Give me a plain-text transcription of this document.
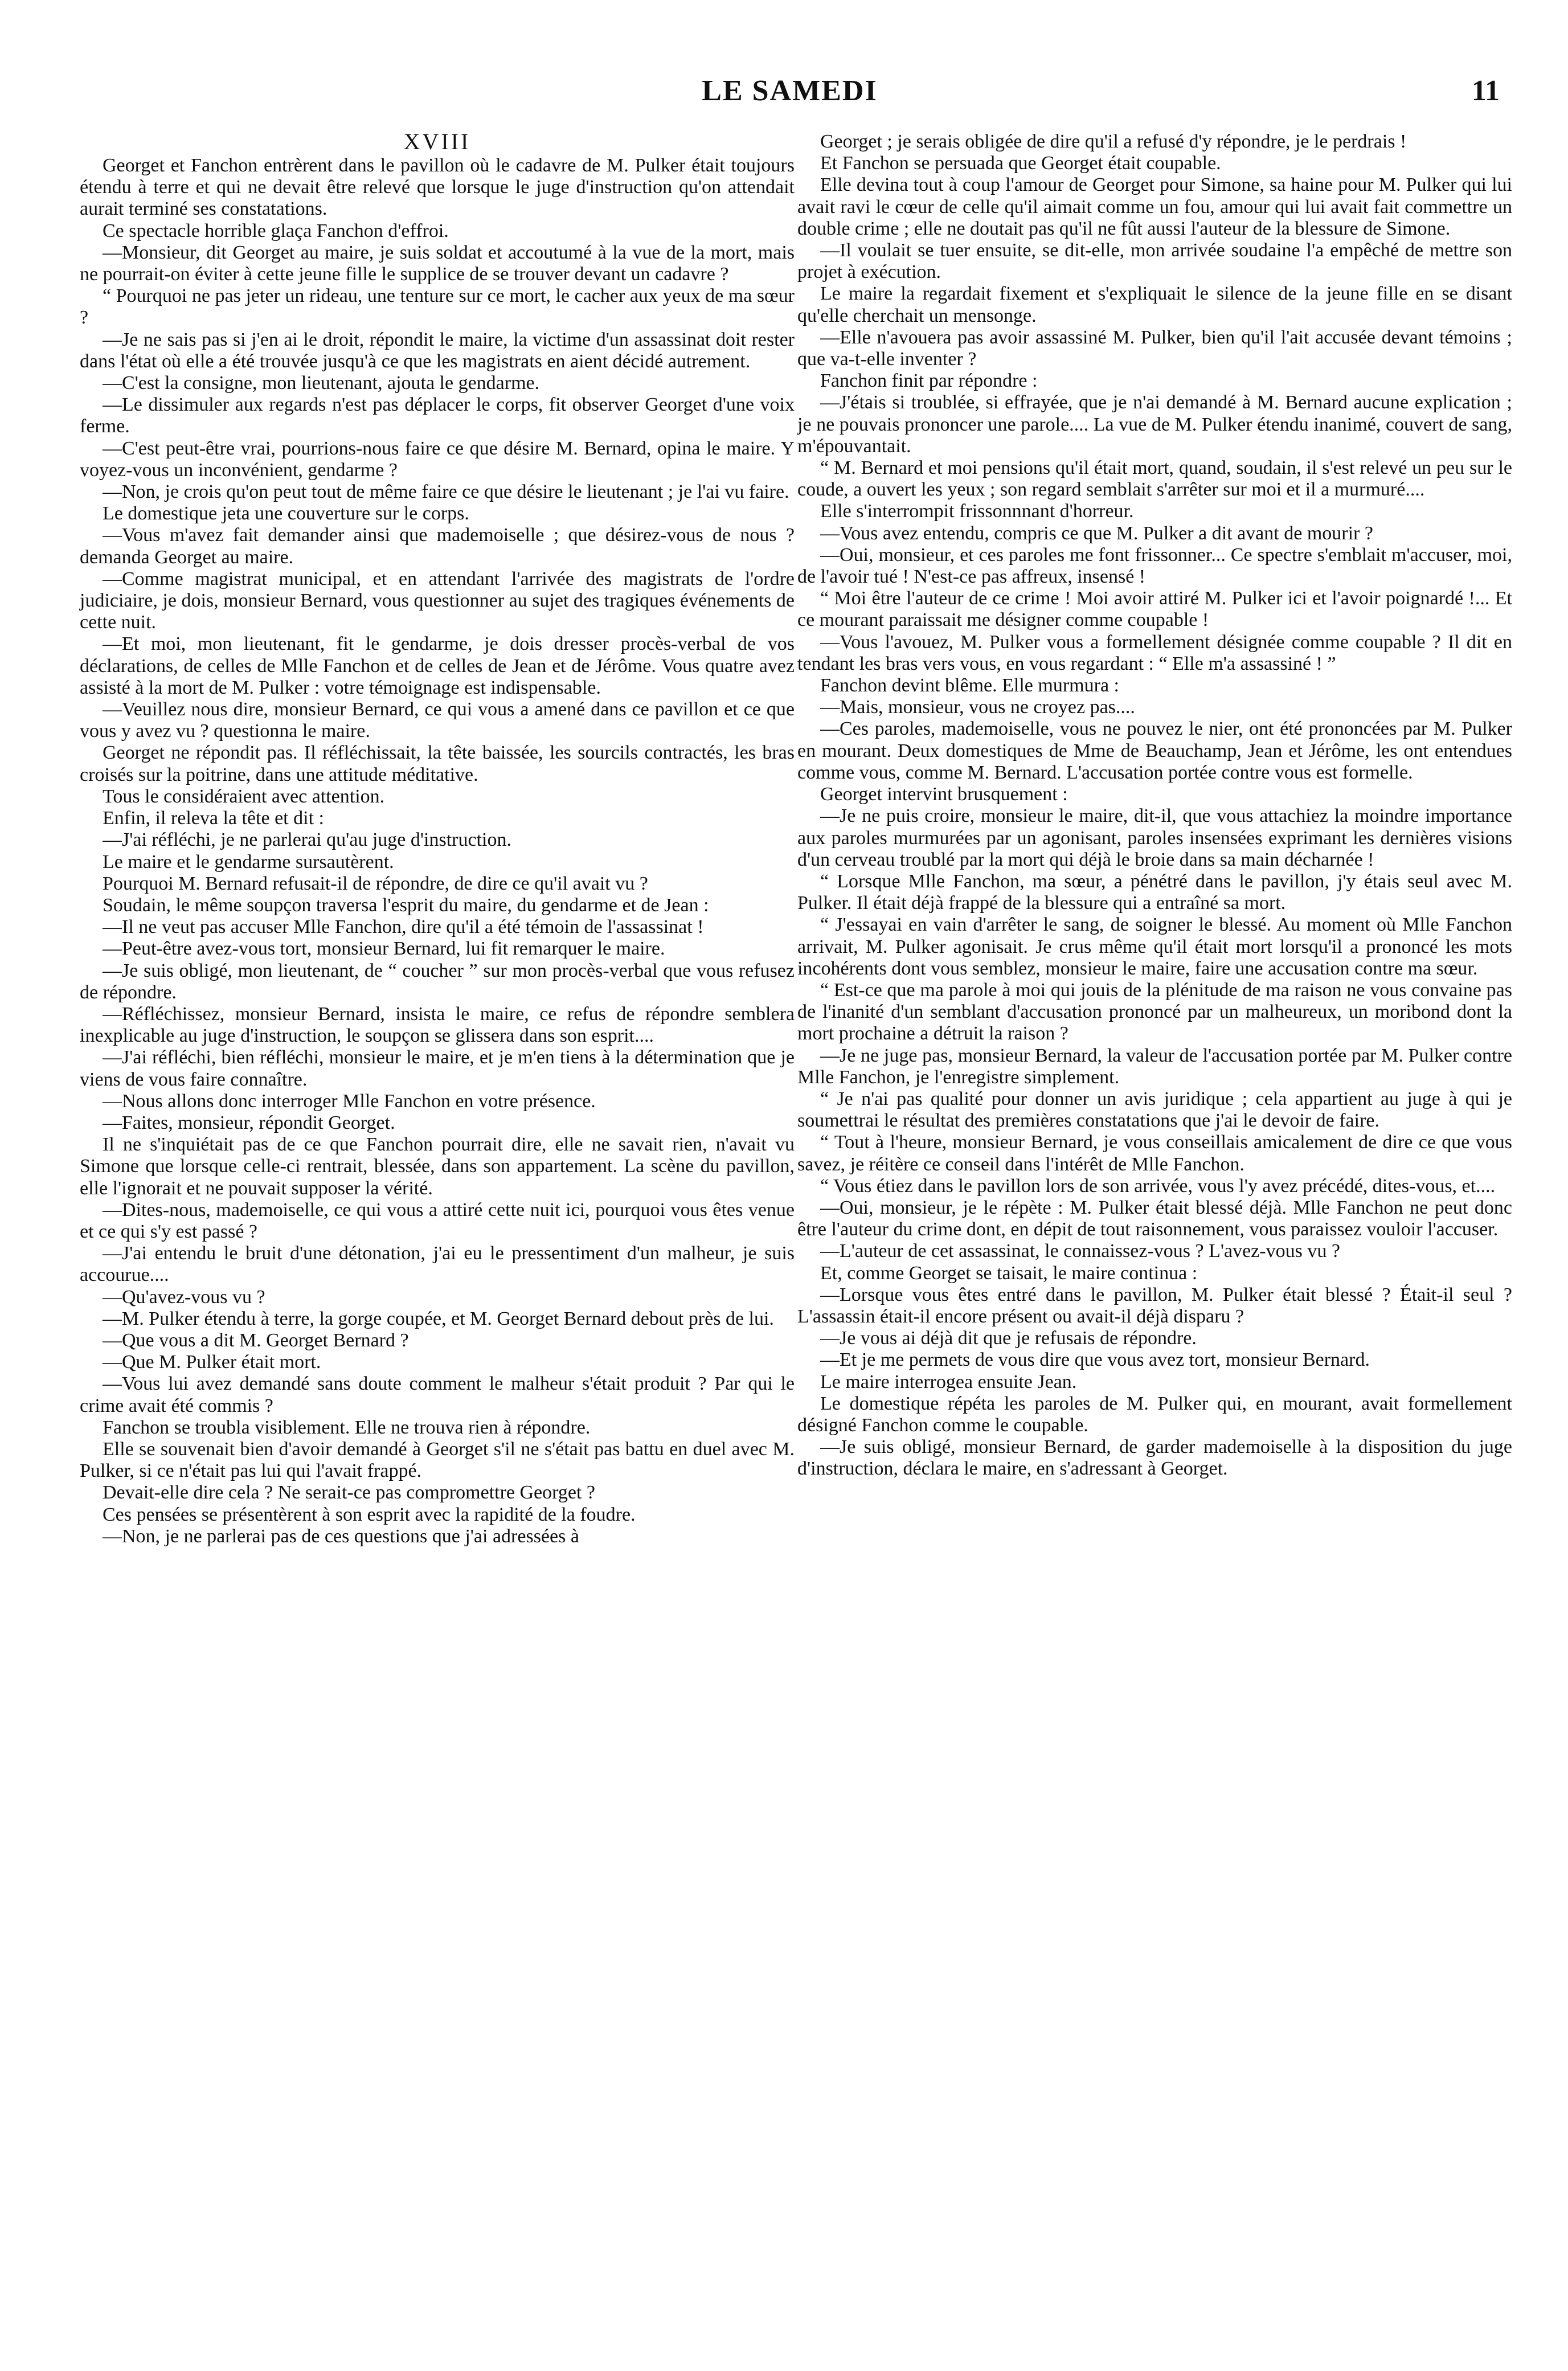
LE SAMEDI	11

XVIII

Georget et Fanchon entrèrent dans le pavillon où le cadavre de M. Pulker était toujours étendu à terre et qui ne devait être relevé que lorsque le juge d'instruction qu'on attendait aurait terminé ses constatations.

Ce spectacle horrible glaça Fanchon d'effroi.

—Monsieur, dit Georget au maire, je suis soldat et accoutumé à la vue de la mort, mais ne pourrait-on éviter à cette jeune fille le supplice de se trouver devant un cadavre ?

“ Pourquoi ne pas jeter un rideau, une tenture sur ce mort, le cacher aux yeux de ma sœur ?

—Je ne sais pas si j'en ai le droit, répondit le maire, la victime d'un assassinat doit rester dans l'état où elle a été trouvée jusqu'à ce que les magistrats en aient décidé autrement.

—C'est la consigne, mon lieutenant, ajouta le gendarme.

—Le dissimuler aux regards n'est pas déplacer le corps, fit observer Georget d'une voix ferme.

—C'est peut-être vrai, pourrions-nous faire ce que désire M. Bernard, opina le maire. Y voyez-vous un inconvénient, gendarme ?

—Non, je crois qu'on peut tout de même faire ce que désire le lieutenant ; je l'ai vu faire.

Le domestique jeta une couverture sur le corps.

—Vous m'avez fait demander ainsi que mademoiselle ; que désirez-vous de nous ? demanda Georget au maire.

—Comme magistrat municipal, et en attendant l'arrivée des magistrats de l'ordre judiciaire, je dois, monsieur Bernard, vous questionner au sujet des tragiques événements de cette nuit.

—Et moi, mon lieutenant, fit le gendarme, je dois dresser procès-verbal de vos déclarations, de celles de Mlle Fanchon et de celles de Jean et de Jérôme. Vous quatre avez assisté à la mort de M. Pulker : votre témoignage est indispensable.

—Veuillez nous dire, monsieur Bernard, ce qui vous a amené dans ce pavillon et ce que vous y avez vu ? questionna le maire.

Georget ne répondit pas. Il réfléchissait, la tête baissée, les sourcils contractés, les bras croisés sur la poitrine, dans une attitude méditative.

Tous le considéraient avec attention.

Enfin, il releva la tête et dit :

—J'ai réfléchi, je ne parlerai qu'au juge d'instruction.

Le maire et le gendarme sursautèrent.

Pourquoi M. Bernard refusait-il de répondre, de dire ce qu'il avait vu ?

Soudain, le même soupçon traversa l'esprit du maire, du gendarme et de Jean :

—Il ne veut pas accuser Mlle Fanchon, dire qu'il a été témoin de l'assassinat !

—Peut-être avez-vous tort, monsieur Bernard, lui fit remarquer le maire.

—Je suis obligé, mon lieutenant, de “ coucher ” sur mon procès-verbal que vous refusez de répondre.

—Réfléchissez, monsieur Bernard, insista le maire, ce refus de répondre semblera inexplicable au juge d'instruction, le soupçon se glissera dans son esprit....

—J'ai réfléchi, bien réfléchi, monsieur le maire, et je m'en tiens à la détermination que je viens de vous faire connaître.

—Nous allons donc interroger Mlle Fanchon en votre présence.

—Faites, monsieur, répondit Georget.

Il ne s'inquiétait pas de ce que Fanchon pourrait dire, elle ne savait rien, n'avait vu Simone que lorsque celle-ci rentrait, blessée, dans son appartement. La scène du pavillon, elle l'ignorait et ne pouvait supposer la vérité.

—Dites-nous, mademoiselle, ce qui vous a attiré cette nuit ici, pourquoi vous êtes venue et ce qui s'y est passé ?

—J'ai entendu le bruit d'une détonation, j'ai eu le pressentiment d'un malheur, je suis accourue....

—Qu'avez-vous vu ?

—M. Pulker étendu à terre, la gorge coupée, et M. Georget Bernard debout près de lui.

—Que vous a dit M. Georget Bernard ?

—Que M. Pulker était mort.

—Vous lui avez demandé sans doute comment le malheur s'était produit ? Par qui le crime avait été commis ?

Fanchon se troubla visiblement. Elle ne trouva rien à répondre.

Elle se souvenait bien d'avoir demandé à Georget s'il ne s'était pas battu en duel avec M. Pulker, si ce n'était pas lui qui l'avait frappé.

Devait-elle dire cela ? Ne serait-ce pas compromettre Georget ?

Ces pensées se présentèrent à son esprit avec la rapidité de la foudre.

—Non, je ne parlerai pas de ces questions que j'ai adressées à

Georget ; je serais obligée de dire qu'il a refusé d'y répondre, je le perdrais !

Et Fanchon se persuada que Georget était coupable.

Elle devina tout à coup l'amour de Georget pour Simone, sa haine pour M. Pulker qui lui avait ravi le cœur de celle qu'il aimait comme un fou, amour qui lui avait fait commettre un double crime ; elle ne doutait pas qu'il ne fût aussi l'auteur de la blessure de Simone.

—Il voulait se tuer ensuite, se dit-elle, mon arrivée soudaine l'a empêché de mettre son projet à exécution.

Le maire la regardait fixement et s'expliquait le silence de la jeune fille en se disant qu'elle cherchait un mensonge.

—Elle n'avouera pas avoir assassiné M. Pulker, bien qu'il l'ait accusée devant témoins ; que va-t-elle inventer ?

Fanchon finit par répondre :

—J'étais si troublée, si effrayée, que je n'ai demandé à M. Bernard aucune explication ; je ne pouvais prononcer une parole.... La vue de M. Pulker étendu inanimé, couvert de sang, m'épouvantait.

“ M. Bernard et moi pensions qu'il était mort, quand, soudain, il s'est relevé un peu sur le coude, a ouvert les yeux ; son regard semblait s'arrêter sur moi et il a murmuré....

Elle s'interrompit frissonnnant d'horreur.

—Vous avez entendu, compris ce que M. Pulker a dit avant de mourir ?

—Oui, monsieur, et ces paroles me font frissonner... Ce spectre s'emblait m'accuser, moi, de l'avoir tué ! N'est-ce pas affreux, insensé !

“ Moi être l'auteur de ce crime ! Moi avoir attiré M. Pulker ici et l'avoir poignardé !... Et ce mourant paraissait me désigner comme coupable !

—Vous l'avouez, M. Pulker vous a formellement désignée comme coupable ? Il dit en tendant les bras vers vous, en vous regardant : “ Elle m'a assassiné ! ”

Fanchon devint blême. Elle murmura :

—Mais, monsieur, vous ne croyez pas....

—Ces paroles, mademoiselle, vous ne pouvez le nier, ont été prononcées par M. Pulker en mourant. Deux domestiques de Mme de Beauchamp, Jean et Jérôme, les ont entendues comme vous, comme M. Bernard. L'accusation portée contre vous est formelle.

Georget intervint brusquement :

—Je ne puis croire, monsieur le maire, dit-il, que vous attachiez la moindre importance aux paroles murmurées par un agonisant, paroles insensées exprimant les dernières visions d'un cerveau troublé par la mort qui déjà le broie dans sa main décharnée !

“ Lorsque Mlle Fanchon, ma sœur, a pénétré dans le pavillon, j'y étais seul avec M. Pulker. Il était déjà frappé de la blessure qui a entraîné sa mort.

“ J'essayai en vain d'arrêter le sang, de soigner le blessé. Au moment où Mlle Fanchon arrivait, M. Pulker agonisait. Je crus même qu'il était mort lorsqu'il a prononcé les mots incohérents dont vous semblez, monsieur le maire, faire une accusation contre ma sœur.

“ Est-ce que ma parole à moi qui jouis de la plénitude de ma raison ne vous convaine pas de l'inanité d'un semblant d'accusation prononcé par un malheureux, un moribond dont la mort prochaine a détruit la raison ?

—Je ne juge pas, monsieur Bernard, la valeur de l'accusation portée par M. Pulker contre Mlle Fanchon, je l'enregistre simplement.

“ Je n'ai pas qualité pour donner un avis juridique ; cela appartient au juge à qui je soumettrai le résultat des premières constatations que j'ai le devoir de faire.

“ Tout à l'heure, monsieur Bernard, je vous conseillais amicalement de dire ce que vous savez, je réitère ce conseil dans l'intérêt de Mlle Fanchon.

“ Vous étiez dans le pavillon lors de son arrivée, vous l'y avez précédé, dites-vous, et....

—Oui, monsieur, je le répète : M. Pulker était blessé déjà. Mlle Fanchon ne peut donc être l'auteur du crime dont, en dépit de tout raisonnement, vous paraissez vouloir l'accuser.

—L'auteur de cet assassinat, le connaissez-vous ? L'avez-vous vu ?

Et, comme Georget se taisait, le maire continua :

—Lorsque vous êtes entré dans le pavillon, M. Pulker était blessé ? Était-il seul ? L'assassin était-il encore présent ou avait-il déjà disparu ?

—Je vous ai déjà dit que je refusais de répondre.

—Et je me permets de vous dire que vous avez tort, monsieur Bernard.

Le maire interrogea ensuite Jean.

Le domestique répéta les paroles de M. Pulker qui, en mourant, avait formellement désigné Fanchon comme le coupable.

—Je suis obligé, monsieur Bernard, de garder mademoiselle à la disposition du juge d'instruction, déclara le maire, en s'adressant à Georget.
